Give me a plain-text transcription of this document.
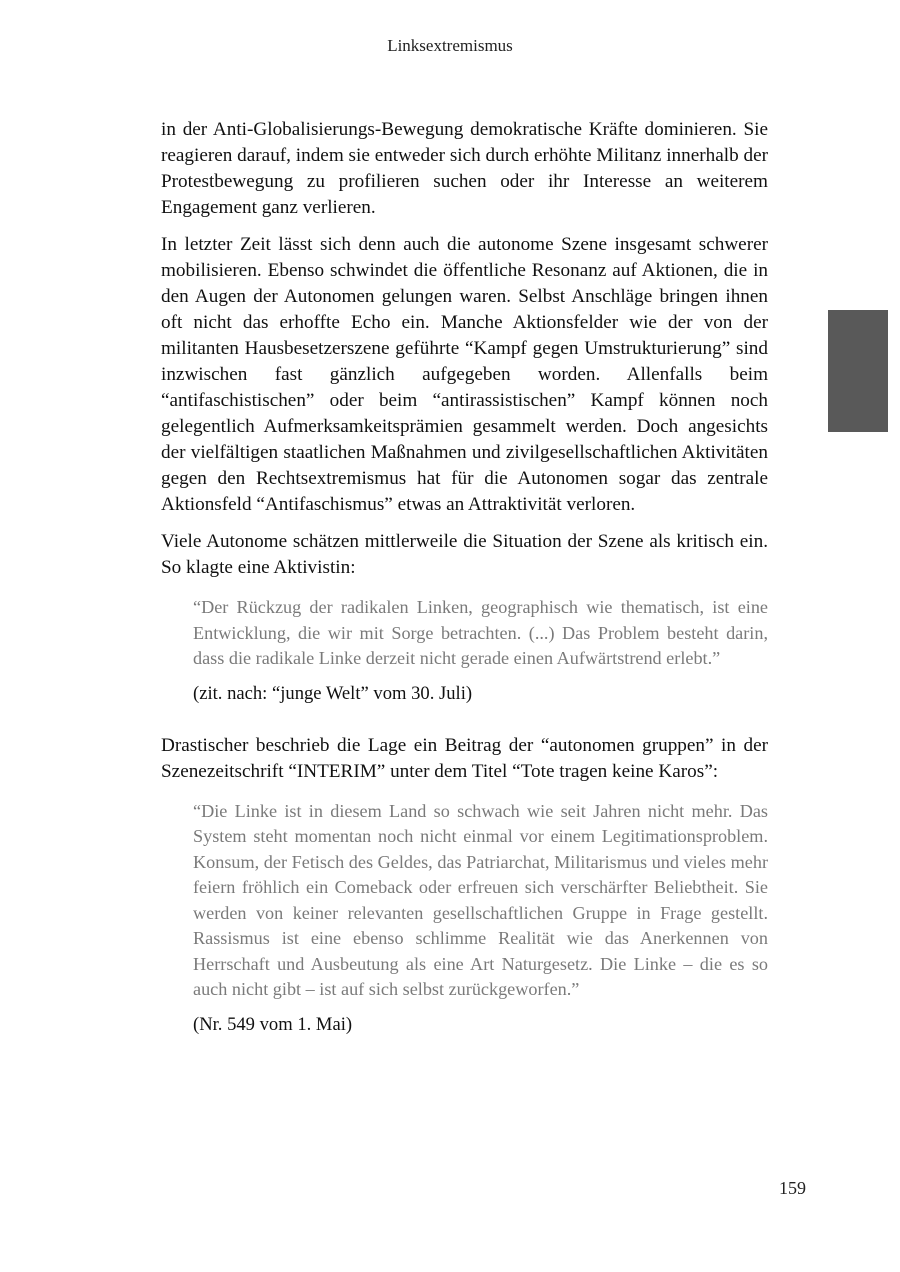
Linksextremismus

in der Anti-Globalisierungs-Bewegung demokratische Kräfte dominieren. Sie reagieren darauf, indem sie entweder sich durch erhöhte Militanz innerhalb der Protestbewegung zu profilieren suchen oder ihr Interesse an weiterem Engagement ganz verlieren.

In letzter Zeit lässt sich denn auch die autonome Szene insgesamt schwerer mobilisieren. Ebenso schwindet die öffentliche Resonanz auf Aktionen, die in den Augen der Autonomen gelungen waren. Selbst Anschläge bringen ihnen oft nicht das erhoffte Echo ein. Manche Aktionsfelder wie der von der militanten Hausbesetzerszene geführte “Kampf gegen Umstrukturierung” sind inzwischen fast gänzlich aufgegeben worden. Allenfalls beim “antifaschistischen” oder beim “antirassistischen” Kampf können noch gelegentlich Aufmerksamkeitsprämien gesammelt werden. Doch angesichts der vielfältigen staatlichen Maßnahmen und zivilgesellschaftlichen Aktivitäten gegen den Rechtsextremismus hat für die Autonomen sogar das zentrale Aktionsfeld “Antifaschismus” etwas an Attraktivität verloren.

Viele Autonome schätzen mittlerweile die Situation der Szene als kritisch ein. So klagte eine Aktivistin:

“Der Rückzug der radikalen Linken, geographisch wie thematisch, ist eine Entwicklung, die wir mit Sorge betrachten. (...) Das Problem besteht darin, dass die radikale Linke derzeit nicht gerade einen Aufwärtstrend erlebt.”

(zit. nach: “junge Welt” vom 30. Juli)

Drastischer beschrieb die Lage ein Beitrag der “autonomen gruppen” in der Szenezeitschrift “INTERIM” unter dem Titel “Tote tragen keine Karos”:

“Die Linke ist in diesem Land so schwach wie seit Jahren nicht mehr. Das System steht momentan noch nicht einmal vor einem Legitimationsproblem. Konsum, der Fetisch des Geldes, das Patriarchat, Militarismus und vieles mehr feiern fröhlich ein Comeback oder erfreuen sich verschärfter Beliebtheit. Sie werden von keiner relevanten gesellschaftlichen Gruppe in Frage gestellt. Rassismus ist eine ebenso schlimme Realität wie das Anerkennen von Herrschaft und Ausbeutung als eine Art Naturgesetz. Die Linke – die es so auch nicht gibt – ist auf sich selbst zurückgeworfen.”

(Nr. 549 vom 1. Mai)

159
